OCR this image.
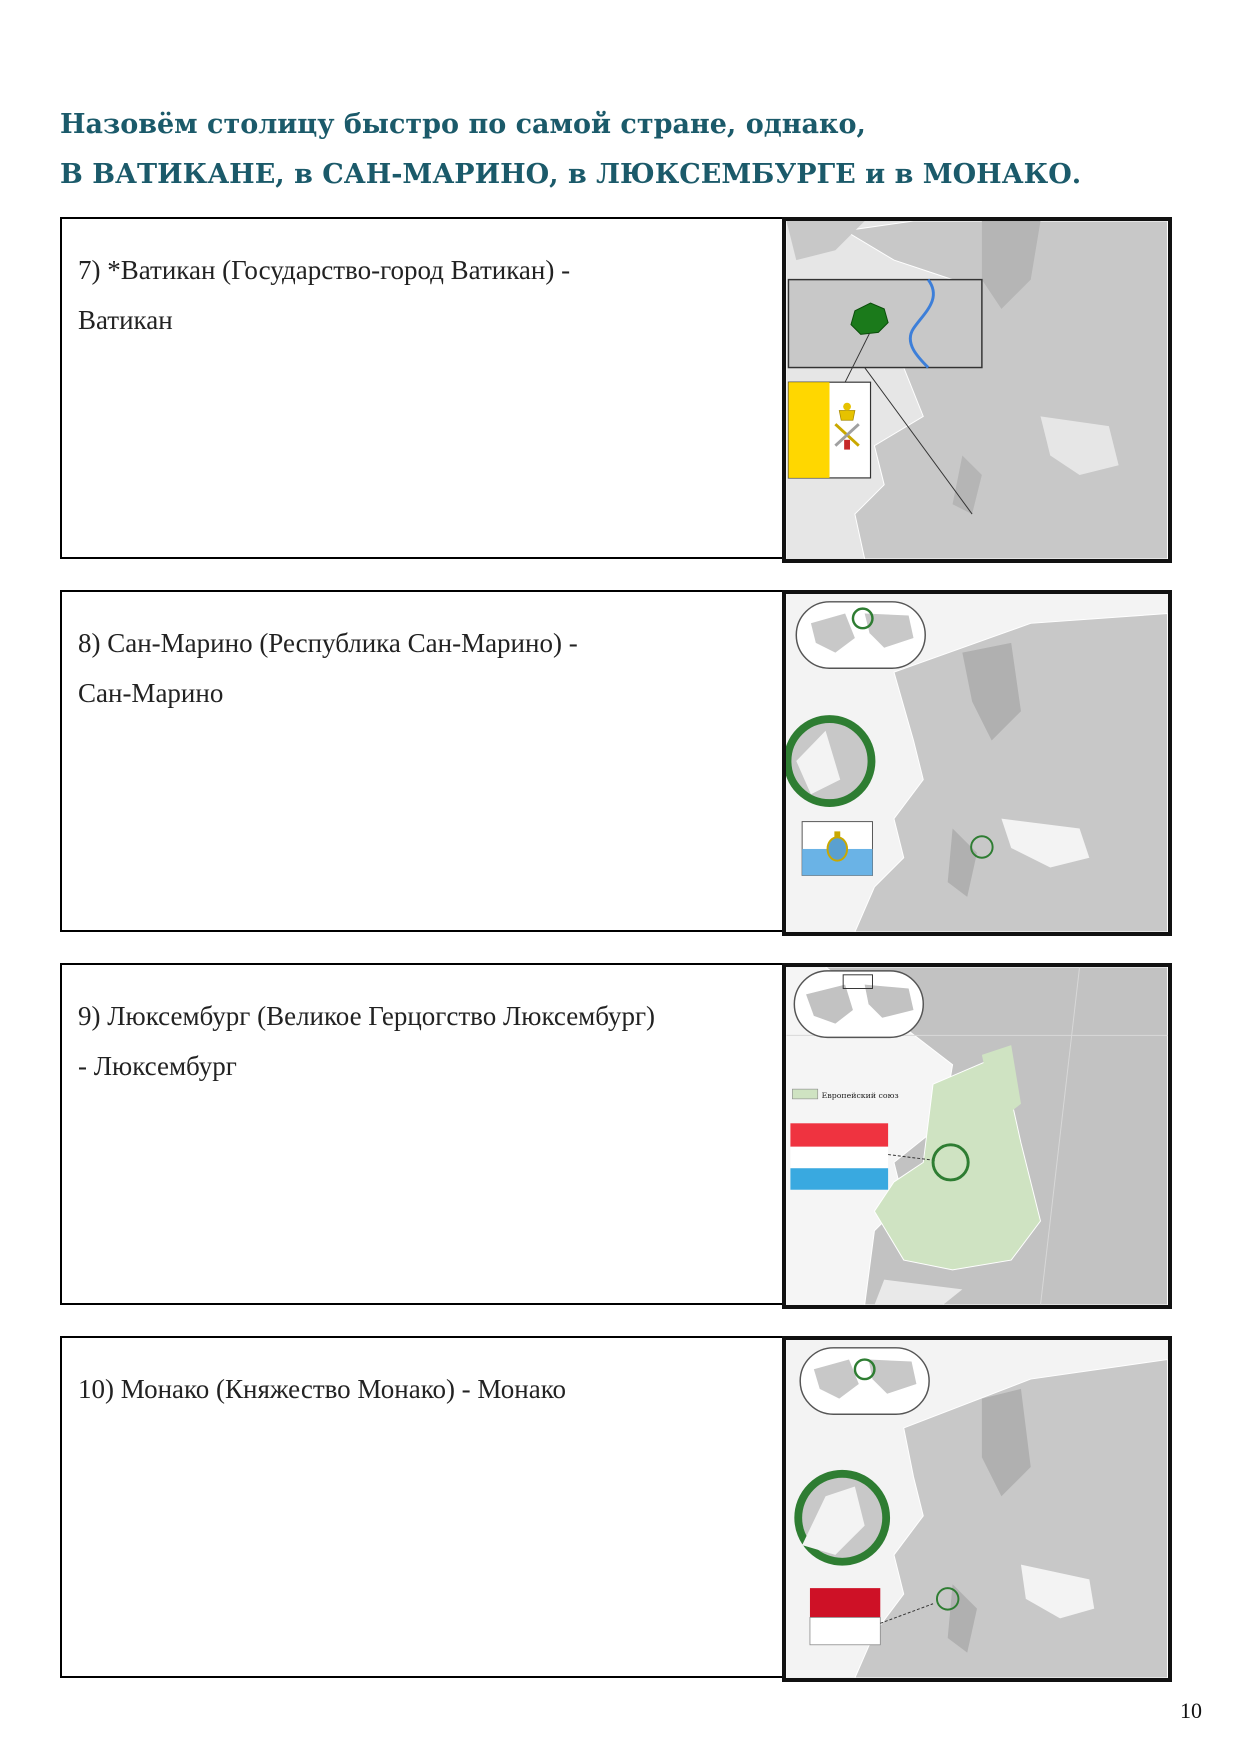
Назовём столицу быстро по самой стране, однако,
В ВАТИКАНЕ, в САН-МАРИНО, в ЛЮКСЕМБУРГЕ и в МОНАКО.
7) *Ватикан (Государство-город Ватикан) -
Ватикан
8) Сан-Марино (Республика Сан-Марино) -
Сан-Марино
9) Люксембург (Великое Герцогство Люксембург)
- Люксембург
Европейский союз
10) Монако (Княжество Монако) - Монако
10
